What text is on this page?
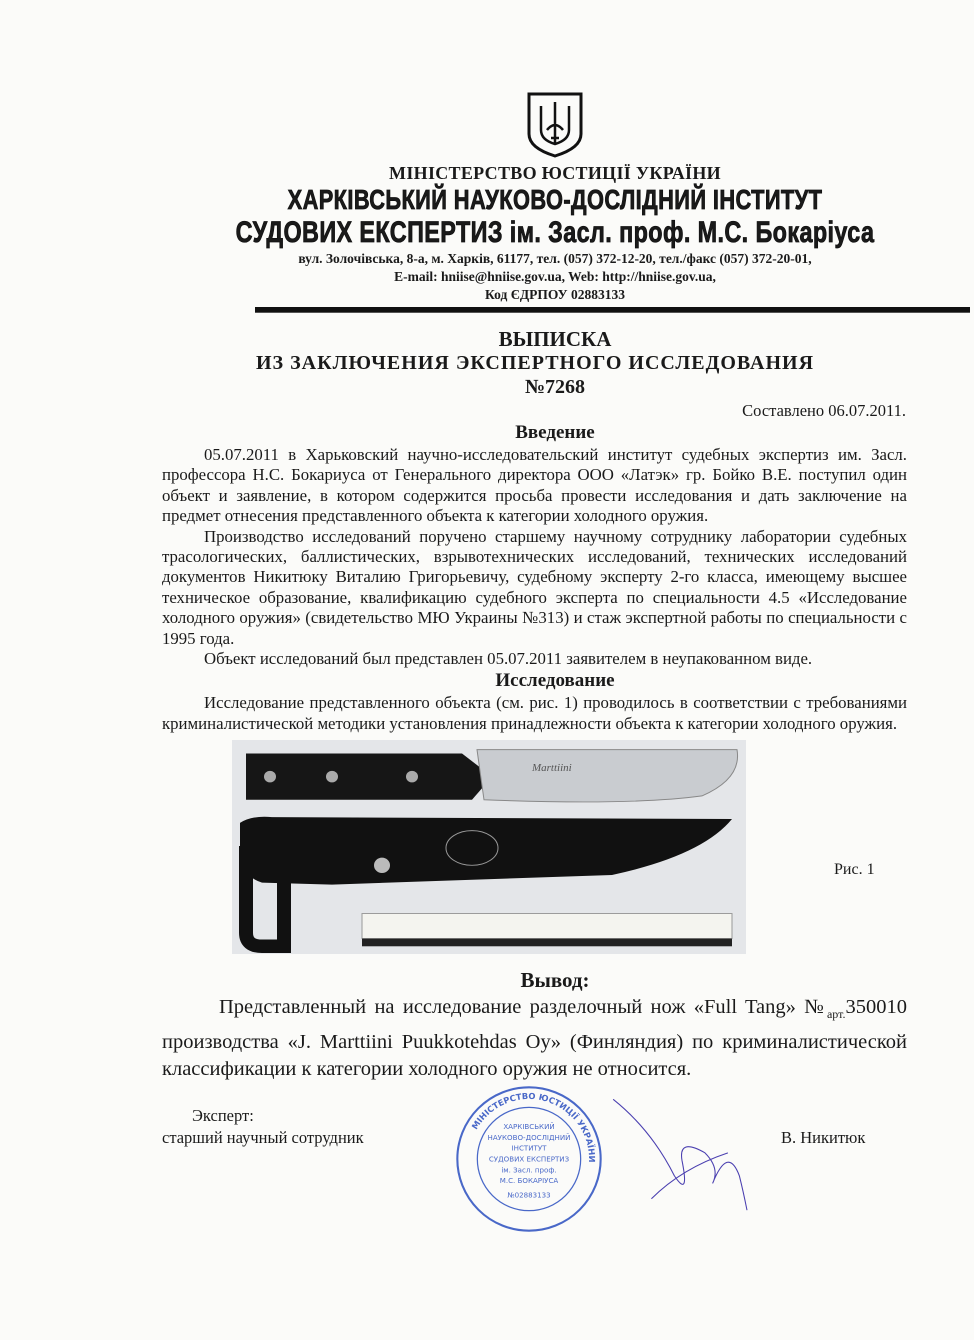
МІНІСТЕРСТВО ЮСТИЦІЇ УКРАЇНИ
ХАРКІВСЬКИЙ НАУКОВО-ДОСЛІДНИЙ ІНСТИТУТ
СУДОВИХ ЕКСПЕРТИЗ ім. Засл. проф. М.С. Бокаріуса
вул. Золочівська, 8-а, м. Харків, 61177, тел. (057) 372-12-20, тел./факс (057) 372-20-01,
E-mail: hniise@hniise.gov.ua, Web: http://hniise.gov.ua,
Код ЄДРПОУ 02883133
ВЫПИСКА
ИЗ ЗАКЛЮЧЕНИЯ ЭКСПЕРТНОГО ИССЛЕДОВАНИЯ
№7268
Составлено 06.07.2011.
Введение

05.07.2011 в Харьковский научно-исследовательский институт судебных экспертиз им. Засл. профессора Н.С. Бокариуса от Генерального директора ООО «Латэк» гр. Бойко В.Е. поступил один объект и заявление, в котором содержится просьба провести исследования и дать заключение на предмет отнесения представленного объекта к категории холодного оружия.

Производство исследований поручено старшему научному сотруднику лаборатории судебных трасологических, баллистических, взрывотехнических исследований, технических исследований документов Никитюку Виталию Григорьевичу, судебному эксперту 2-го класса, имеющему высшее техническое образование, квалификацию судебного эксперта по специальности 4.5 «Исследование холодного оружия» (свидетельство МЮ Украины №313) и стаж экспертной работы по специальности с 1995 года.

Объект исследований был представлен 05.07.2011 заявителем в неупакованном виде.

Исследование

Исследование представленного объекта (см. рис. 1) проводилось в соответствии с требованиями криминалистической методики установления принадлежности объекта к категории холодного оружия.

Marttiini
Рис. 1
Вывод:

Представленный на исследование разделочный нож «Full Tang» $№_{арт.}350010$ производства «J. Marttiini Puukkotehdas Oy» (Финляндия) по криминалистической классификации к категории холодного оружия не относится.

Эксперт:
старший научный сотрудник
МІНІСТЕРСТВО ЮСТИЦІЇ УКРАЇНИ
ХАРКІВСЬКИЙ
НАУКОВО-ДОСЛІДНИЙ
ІНСТИТУТ
СУДОВИХ ЕКСПЕРТИЗ
ім. Засл. проф.
М.С. БОКАРІУСА
№02883133
В. Никитюк
